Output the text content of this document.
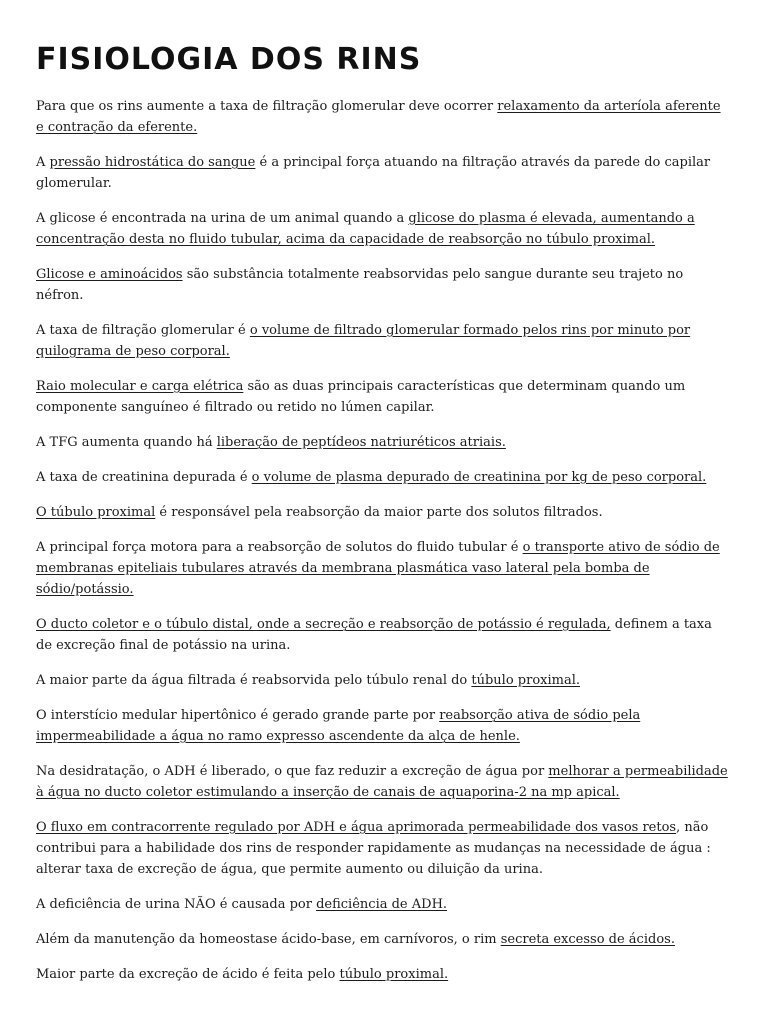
FISIOLOGIA DOS RINS

Para que os rins aumente a taxa de filtração glomerular deve ocorrer relaxamento da arteríola aferente e contração da eferente.

A pressão hidrostática do sangue é a principal força atuando na filtração através da parede do capilar glomerular.

A glicose é encontrada na urina de um animal quando a glicose do plasma é elevada, aumentando a concentração desta no fluido tubular, acima da capacidade de reabsorção no túbulo proximal.

Glicose e aminoácidos são substância totalmente reabsorvidas pelo sangue durante seu trajeto no néfron.

A taxa de filtração glomerular é o volume de filtrado glomerular formado pelos rins por minuto por quilograma de peso corporal.

Raio molecular e carga elétrica são as duas principais características que determinam quando um componente sanguíneo é filtrado ou retido no lúmen capilar.

A TFG aumenta quando há liberação de peptídeos natriuréticos atriais.

A taxa de creatinina depurada é o volume de plasma depurado de creatinina por kg de peso corporal.

O túbulo proximal é responsável pela reabsorção da maior parte dos solutos filtrados.

A principal força motora para a reabsorção de solutos do fluido tubular é o transporte ativo de sódio de membranas epiteliais tubulares através da membrana plasmática vaso lateral pela bomba de sódio/potássio.

O ducto coletor e o túbulo distal, onde a secreção e reabsorção de potássio é regulada, definem a taxa de excreção final de potássio na urina.

A maior parte da água filtrada é reabsorvida pelo túbulo renal do túbulo proximal.

O interstício medular hipertônico é gerado grande parte por reabsorção ativa de sódio pela impermeabilidade a água no ramo expresso ascendente da alça de henle.

Na desidratação, o ADH é liberado, o que faz reduzir a excreção de água por melhorar a permeabilidade à água no ducto coletor estimulando a inserção de canais de aquaporina-2 na mp apical.

O fluxo em contracorrente regulado por ADH e água aprimorada permeabilidade dos vasos retos, não contribui para a habilidade dos rins de responder rapidamente as mudanças na necessidade de água : alterar taxa de excreção de água, que permite aumento ou diluição da urina.

A deficiência de urina NÃO é causada por deficiência de ADH.

Além da manutenção da homeostase ácido-base, em carnívoros, o rim secreta excesso de ácidos.

Maior parte da excreção de ácido é feita pelo túbulo proximal.
